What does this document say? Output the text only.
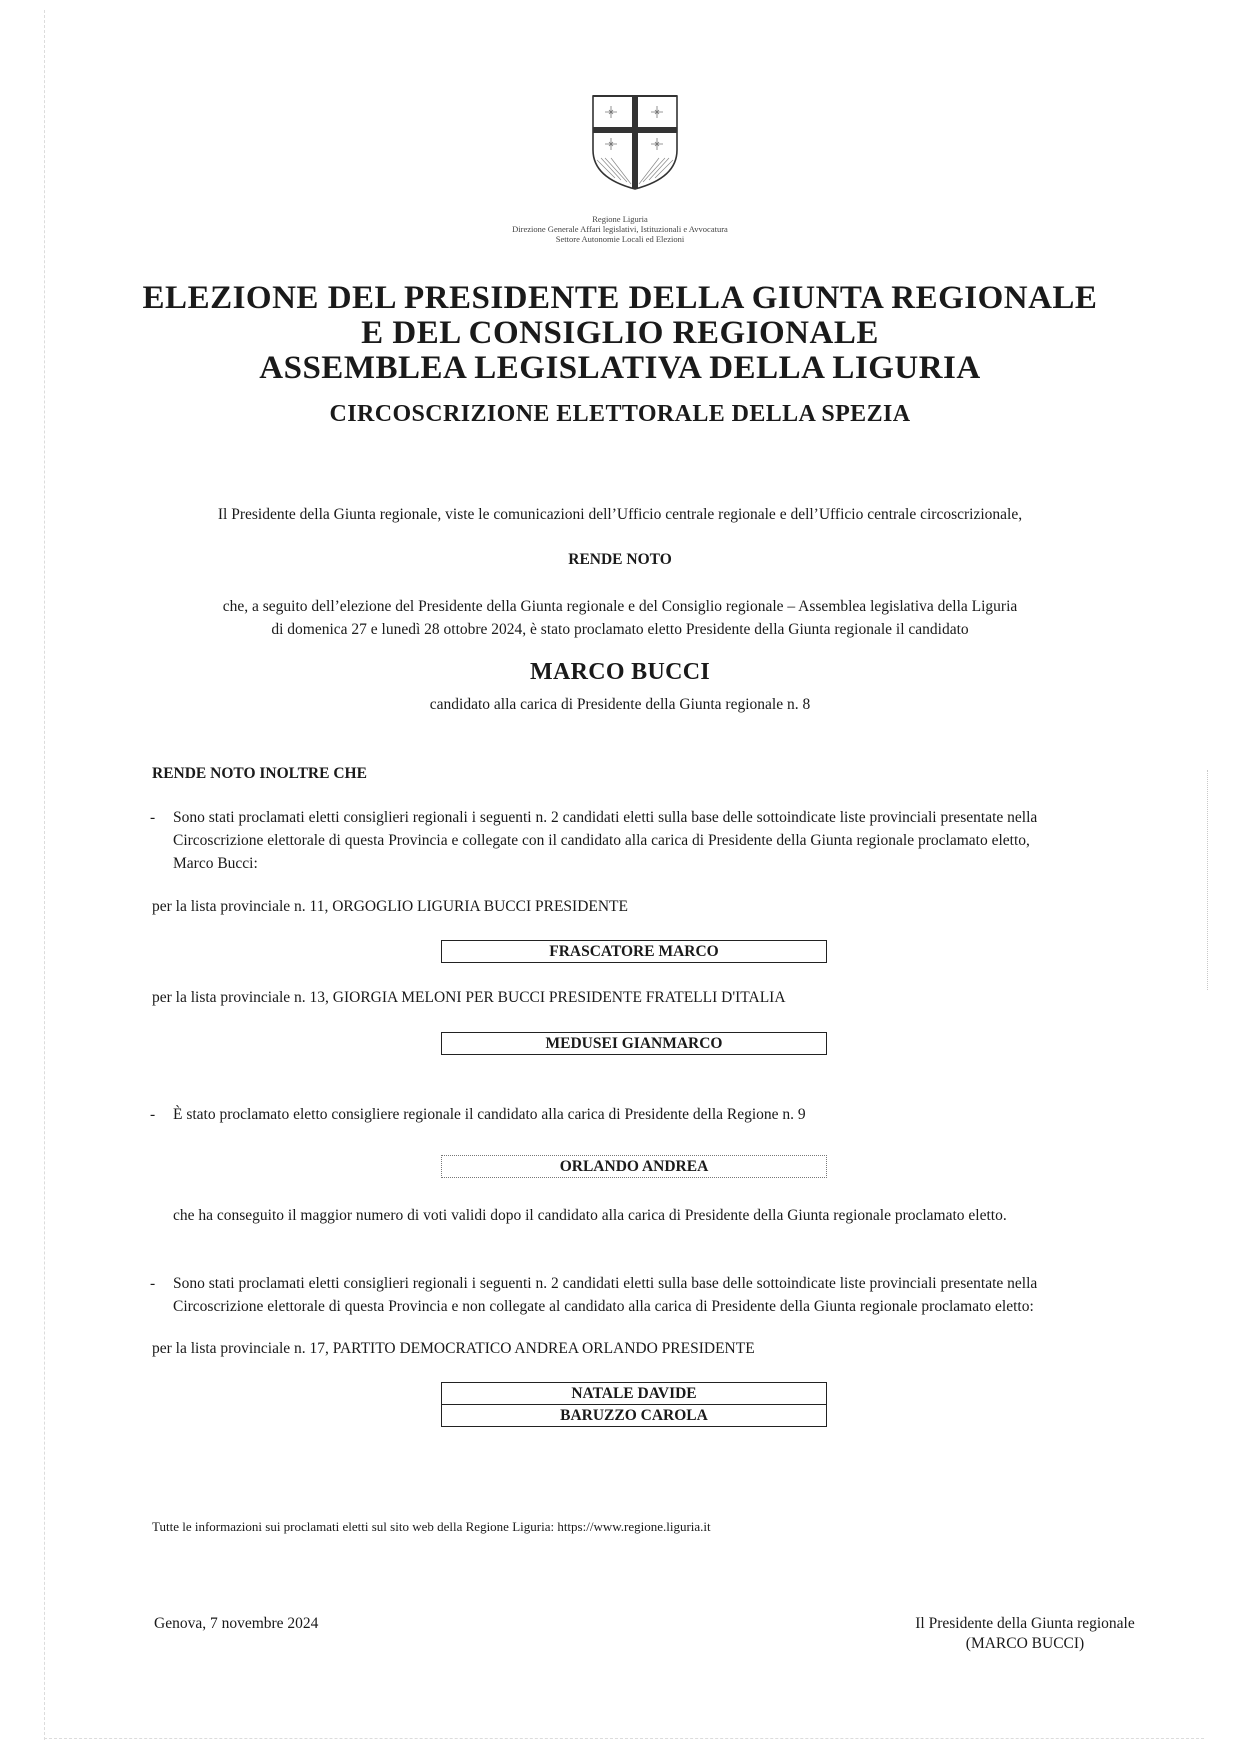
Regione Liguria
Direzione Generale Affari legislativi, Istituzionali e Avvocatura
Settore Autonomie Locali ed Elezioni
ELEZIONE DEL PRESIDENTE DELLA GIUNTA REGIONALE
E DEL CONSIGLIO REGIONALE
ASSEMBLEA LEGISLATIVA DELLA LIGURIA
CIRCOSCRIZIONE ELETTORALE DELLA SPEZIA
Il Presidente della Giunta regionale, viste le comunicazioni dell’Ufficio centrale regionale e dell’Ufficio centrale circoscrizionale,
RENDE NOTO
che, a seguito dell’elezione del Presidente della Giunta regionale e del Consiglio regionale – Assemblea legislativa della Liguria
di domenica 27 e lunedì 28 ottobre 2024, è stato proclamato eletto Presidente della Giunta regionale il candidato
MARCO BUCCI
candidato alla carica di Presidente della Giunta regionale n. 8
RENDE NOTO INOLTRE CHE
- Sono stati proclamati eletti consiglieri regionali i seguenti n. 2 candidati eletti sulla base delle sottoindicate liste provinciali presentate nella
Circoscrizione elettorale di questa Provincia e collegate con il candidato alla carica di Presidente della Giunta regionale proclamato eletto,
Marco Bucci:
per la lista provinciale n. 11, ORGOGLIO LIGURIA BUCCI PRESIDENTE
FRASCATORE MARCO
per la lista provinciale n. 13, GIORGIA MELONI PER BUCCI PRESIDENTE FRATELLI D'ITALIA
MEDUSEI GIANMARCO
- È stato proclamato eletto consigliere regionale il candidato alla carica di Presidente della Regione n. 9
ORLANDO ANDREA
che ha conseguito il maggior numero di voti validi dopo il candidato alla carica di Presidente della Giunta regionale proclamato eletto.
- Sono stati proclamati eletti consiglieri regionali i seguenti n. 2 candidati eletti sulla base delle sottoindicate liste provinciali presentate nella
Circoscrizione elettorale di questa Provincia e non collegate al candidato alla carica di Presidente della Giunta regionale proclamato eletto:
per la lista provinciale n. 17, PARTITO DEMOCRATICO ANDREA ORLANDO PRESIDENTE
NATALE DAVIDE
BARUZZO CAROLA
Tutte le informazioni sui proclamati eletti sul sito web della Regione Liguria: https://www.regione.liguria.it
Genova, 7 novembre 2024	Il Presidente della Giunta regionale
(MARCO BUCCI)
